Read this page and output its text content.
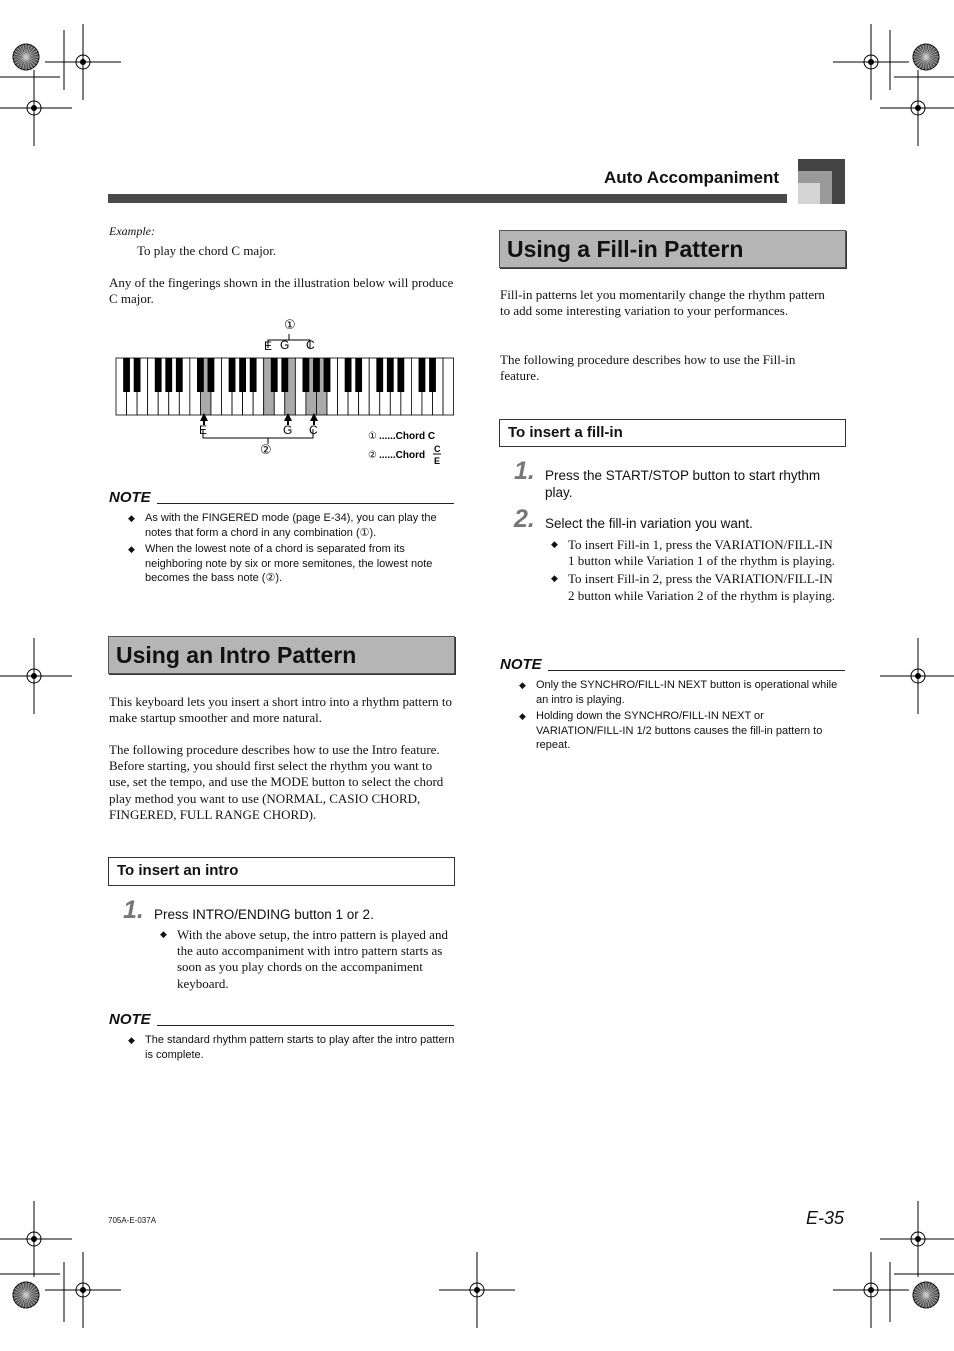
Auto Accompaniment
Example:
To play the chord C major.
Any of the fingerings shown in the illustration below will produce C major.
①
②
E G C
E	G C	① ......Chord C
② ......Chord
C
E
NOTE
◆ As with the FINGERED mode (page E-34), you can play the notes that form a chord in any combination (①).
◆ When the lowest note of a chord is separated from its neighboring note by six or more semitones, the lowest note becomes the bass note (②).
Using an Intro Pattern
This keyboard lets you insert a short intro into a rhythm pattern to make startup smoother and more natural.
The following procedure describes how to use the Intro feature. Before starting, you should first select the rhythm you want to use, set the tempo, and use the MODE button to select the chord play method you want to use (NORMAL, CASIO CHORD, FINGERED, FULL RANGE CHORD).
To insert an intro
1. Press INTRO/ENDING button 1 or 2.
◆ With the above setup, the intro pattern is played and the auto accompaniment with intro pattern starts as soon as you play chords on the accompaniment keyboard.
NOTE
◆ The standard rhythm pattern starts to play after the intro pattern is complete.
Using a Fill-in Pattern
Fill-in patterns let you momentarily change the rhythm pattern to add some interesting variation to your performances.
The following procedure describes how to use the Fill-in feature.
To insert a fill-in
1. Press the START/STOP button to start rhythm play.
2. Select the fill-in variation you want.
◆ To insert Fill-in 1, press the VARIATION/FILL-IN 1 button while Variation 1 of the rhythm is playing.
◆ To insert Fill-in 2, press the VARIATION/FILL-IN 2 button while Variation 2 of the rhythm is playing.
NOTE
◆ Only the SYNCHRO/FILL-IN NEXT button is operational while an intro is playing.
◆ Holding down the SYNCHRO/FILL-IN NEXT or VARIATION/FILL-IN 1/2 buttons causes the fill-in pattern to repeat.
705A-E-037A	E-35
